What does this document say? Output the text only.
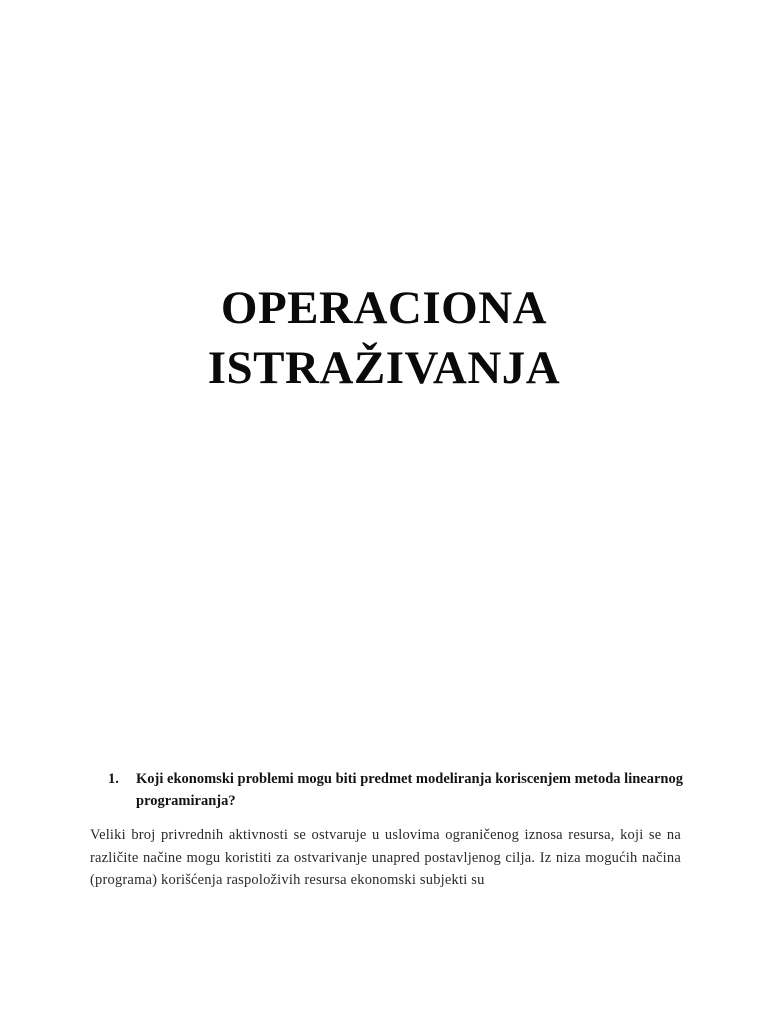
OPERACIONA
ISTRAŽIVANJA
1.	Koji ekonomski problemi mogu biti predmet modeliranja koriscenjem metoda linearnog programiranja?
Veliki broj privrednih aktivnosti se ostvaruje u uslovima ograničenog iznosa resursa, koji se na različite načine mogu koristiti za ostvarivanje unapred postavljenog cilja. Iz niza mogućih načina (programa) korišćenja raspoloživih resursa ekonomski subjekti su
